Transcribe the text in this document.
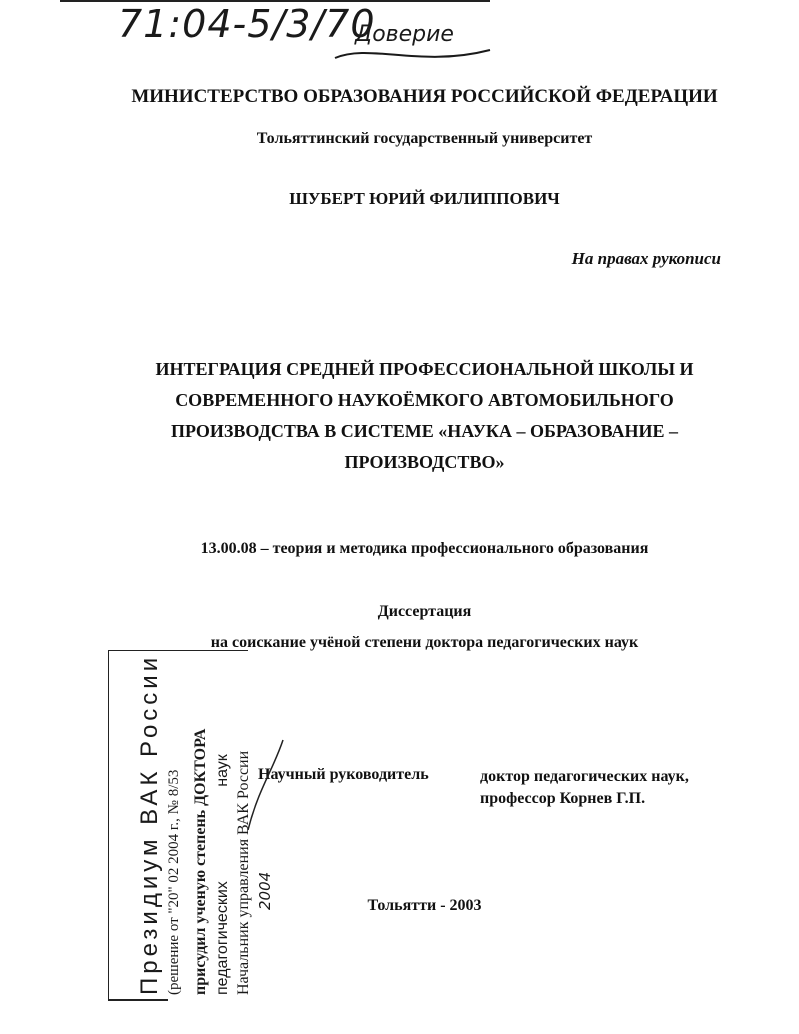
71:04-5/3/70
Доверие
МИНИСТЕРСТВО ОБРАЗОВАНИЯ РОССИЙСКОЙ ФЕДЕРАЦИИ
Тольяттинский государственный университет
ШУБЕРТ ЮРИЙ ФИЛИППОВИЧ
На правах рукописи
ИНТЕГРАЦИЯ СРЕДНЕЙ ПРОФЕССИОНАЛЬНОЙ ШКОЛЫ И
СОВРЕМЕННОГО НАУКОЁМКОГО АВТОМОБИЛЬНОГО
ПРОИЗВОДСТВА В СИСТЕМЕ «НАУКА – ОБРАЗОВАНИЕ –
ПРОИЗВОДСТВО»
13.00.08 – теория и методика профессионального образования
Диссертация
на соискание учёной степени доктора педагогических наук
Научный руководитель	доктор педагогических наук,
профессор Корнев Г.П.
Тольятти - 2003
Президиум ВАК России (решение от "20" 02 2004 г., № 8/53 присудил ученую степень ДОКТОРА педагогических наук Начальник управления ВАК России 2004
